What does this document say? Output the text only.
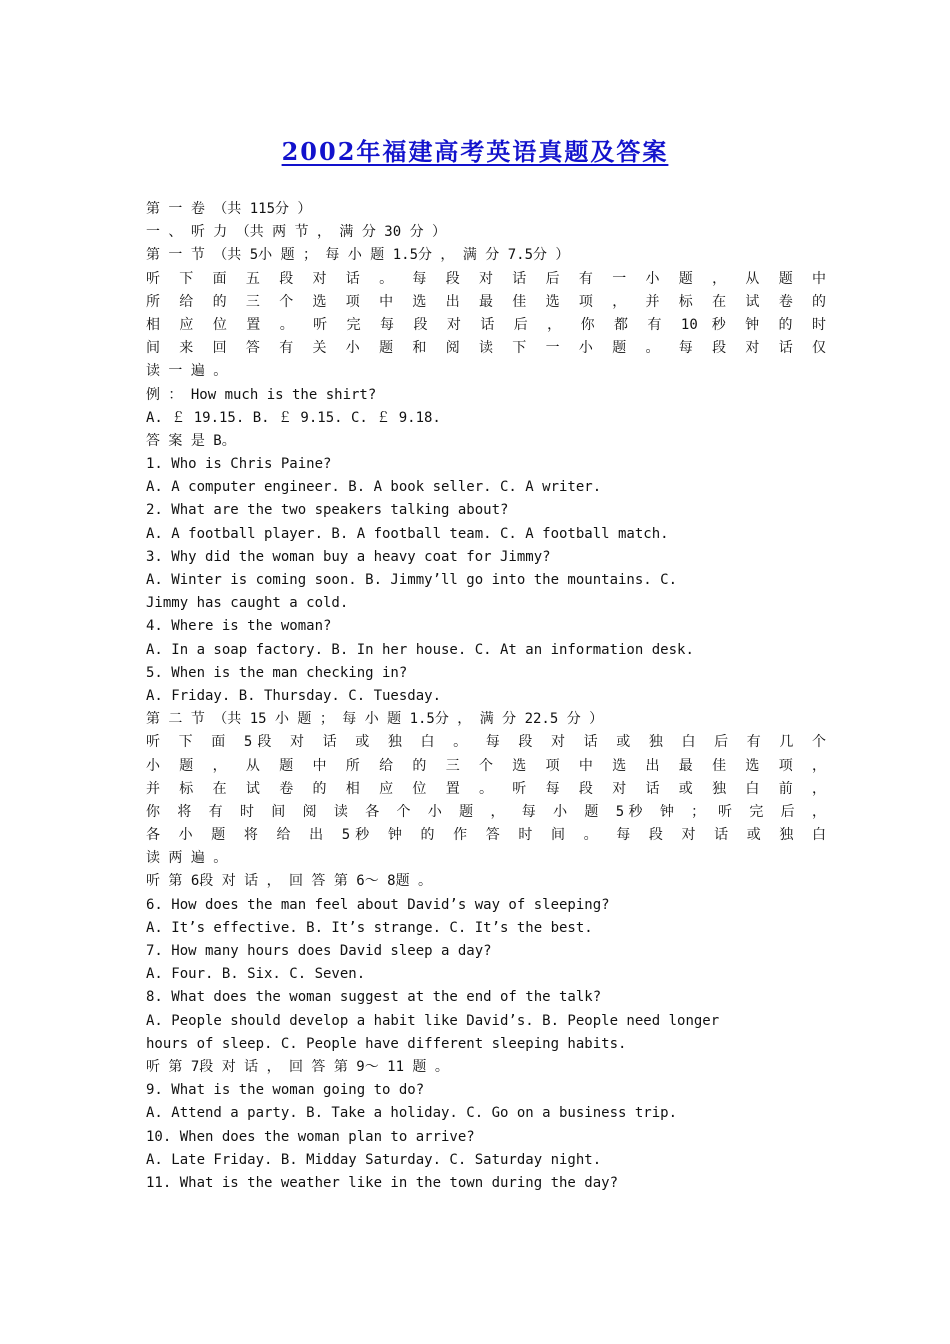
2002年福建高考英语真题及答案
第 一 卷 （共 115分 ）
一 、 听 力 （共 两 节 ， 满 分 30 分 ）
第 一 节 （共 5小 题 ； 每 小 题 1.5分 ， 满 分 7.5分 ）
听 下 面 五 段 对 话 。 每 段 对 话 后 有 一 小 题 ， 从 题 中
所 给 的 三 个 选 项 中 选 出 最 佳 选 项 ， 并 标 在 试 卷 的
相 应 位 置 。 听 完 每 段 对 话 后 ， 你 都 有 10 秒 钟 的 时
间 来 回 答 有 关 小 题 和 阅 读 下 一 小 题 。 每 段 对 话 仅
读 一 遍 。
例 ： How much is the shirt?
A. ￡ 19.15. B. ￡ 9.15. C. ￡ 9.18.
答 案 是 B。
1. Who is Chris Paine?
A. A computer engineer. B. A book seller. C. A writer.
2. What are the two speakers talking about?
A. A football player. B. A football team. C. A football match.
3. Why did the woman buy a heavy coat for Jimmy?
A. Winter is coming soon. B. Jimmy’ll go into the mountains. C.
Jimmy has caught a cold.
4. Where is the woman?
A. In a soap factory. B. In her house. C. At an information desk.
5. When is the man checking in?
A. Friday. B. Thursday. C. Tuesday.
第 二 节 （共 15 小 题 ； 每 小 题 1.5分 ， 满 分 22.5 分 ）
听 下 面 5段 对 话 或 独 白 。 每 段 对 话 或 独 白 后 有 几 个
小 题 ， 从 题 中 所 给 的 三 个 选 项 中 选 出 最 佳 选 项 ，
并 标 在 试 卷 的 相 应 位 置 。 听 每 段 对 话 或 独 白 前 ，
你 将 有 时 间 阅 读 各 个 小 题 ， 每 小 题 5秒 钟 ； 听 完 后 ，
各 小 题 将 给 出 5秒 钟 的 作 答 时 间 。 每 段 对 话 或 独 白
读 两 遍 。
听 第 6段 对 话 ， 回 答 第 6～ 8题 。
6. How does the man feel about David’s way of sleeping?
A. It’s effective. B. It’s strange. C. It’s the best.
7. How many hours does David sleep a day?
A. Four. B. Six. C. Seven.
8. What does the woman suggest at the end of the talk?
A. People should develop a habit like David’s. B. People need longer
hours of sleep. C. People have different sleeping habits.
听 第 7段 对 话 ， 回 答 第 9～ 11 题 。
9. What is the woman going to do?
A. Attend a party. B. Take a holiday. C. Go on a business trip.
10. When does the woman plan to arrive?
A. Late Friday. B. Midday Saturday. C. Saturday night.
11. What is the weather like in the town during the day?
